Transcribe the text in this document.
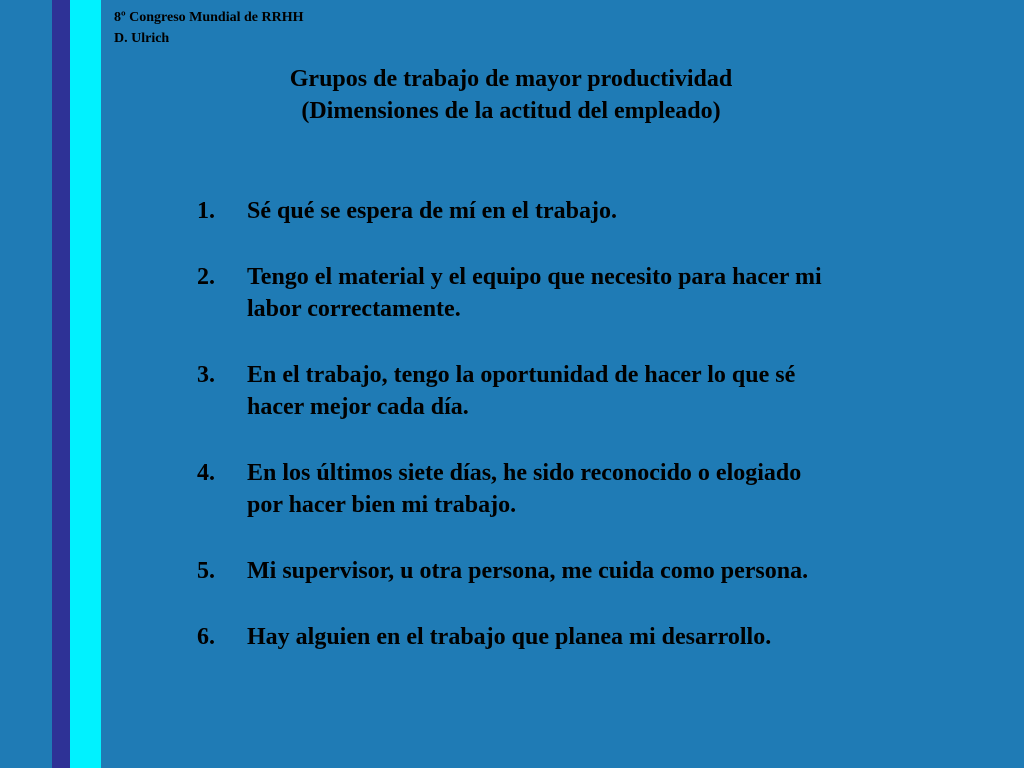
8º Congreso Mundial de RRHH
D. Ulrich
Grupos de trabajo de mayor productividad
(Dimensiones de la actitud del empleado)
1.	Sé qué se espera de mí en el trabajo.
2.	Tengo el material y el equipo que necesito para hacer mi labor correctamente.
3.	En el trabajo, tengo la oportunidad de hacer lo que sé hacer mejor cada día.
4.	En los últimos siete días, he sido reconocido o elogiado por hacer bien mi trabajo.
5.	Mi supervisor, u otra persona, me cuida como persona.
6.	Hay alguien en el trabajo que planea mi desarrollo.
